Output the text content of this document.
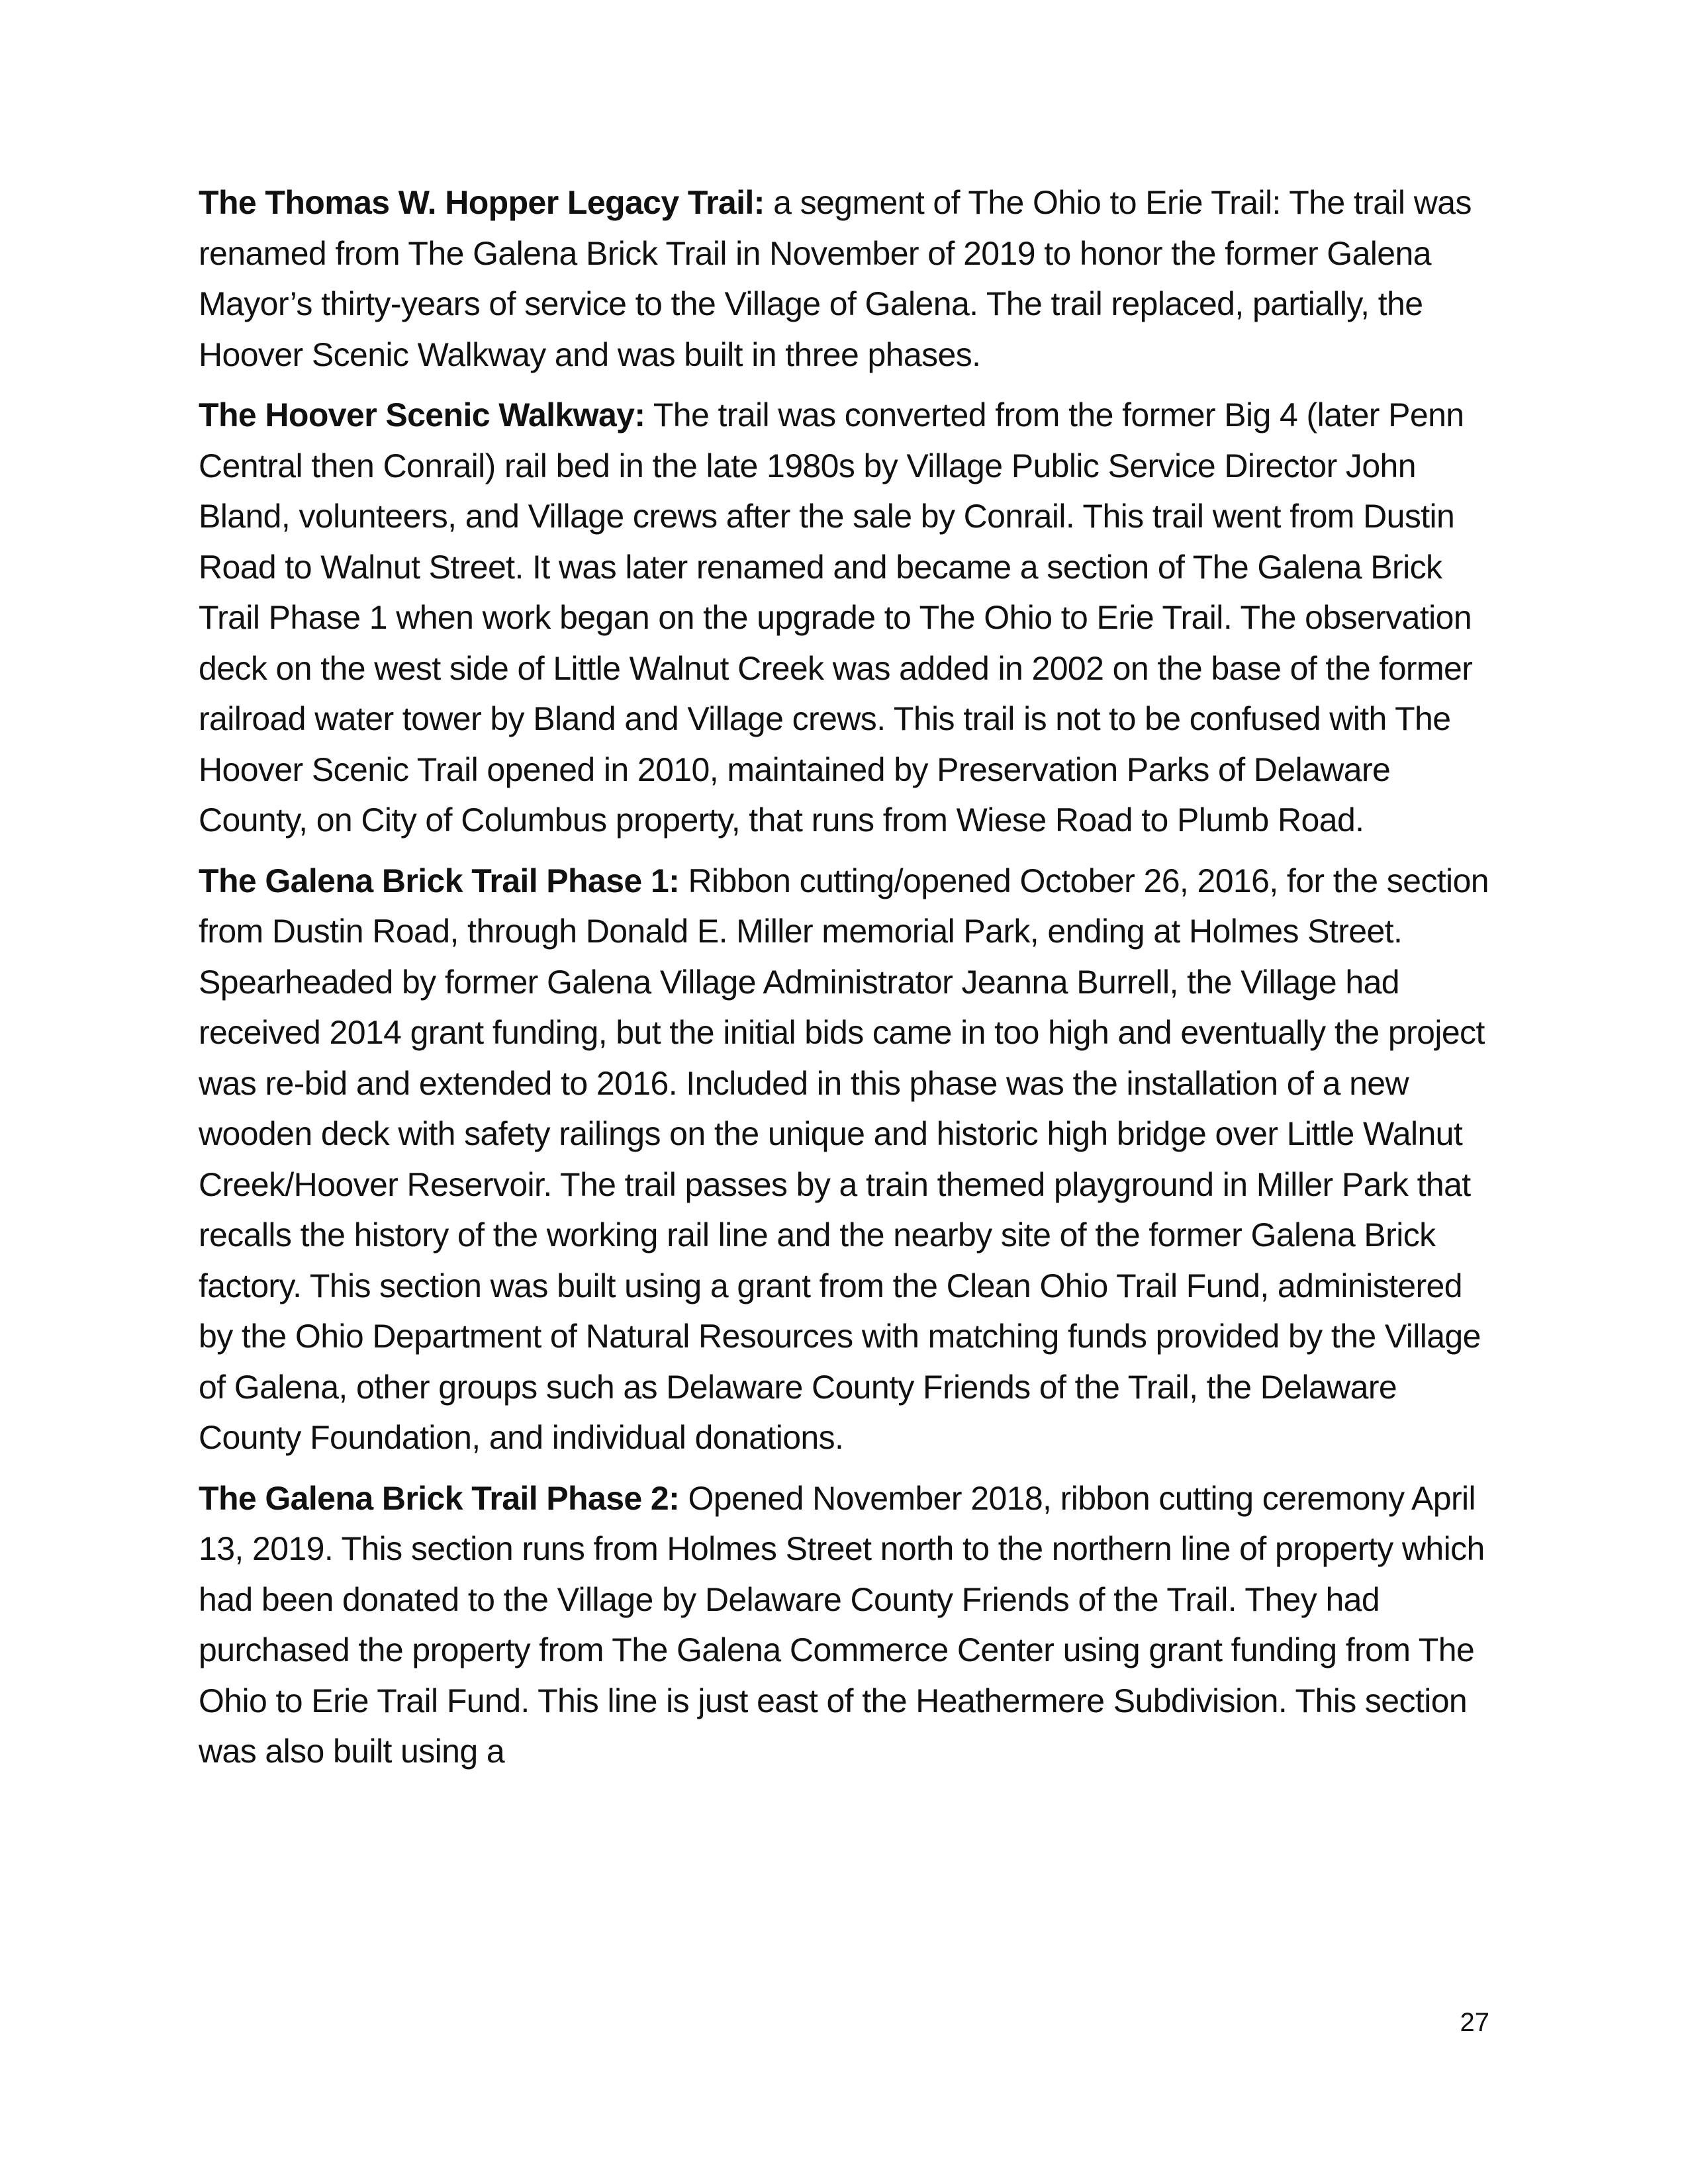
The Thomas W. Hopper Legacy Trail: a segment of The Ohio to Erie Trail: The trail was renamed from The Galena Brick Trail in November of 2019 to honor the former Galena Mayor’s thirty-years of service to the Village of Galena. The trail replaced, partially, the Hoover Scenic Walkway and was built in three phases.

The Hoover Scenic Walkway: The trail was converted from the former Big 4 (later Penn Central then Conrail) rail bed in the late 1980s by Village Public Service Director John Bland, volunteers, and Village crews after the sale by Conrail. This trail went from Dustin Road to Walnut Street. It was later renamed and became a section of The Galena Brick Trail Phase 1 when work began on the upgrade to The Ohio to Erie Trail. The observation deck on the west side of Little Walnut Creek was added in 2002 on the base of the former railroad water tower by Bland and Village crews. This trail is not to be confused with The Hoover Scenic Trail opened in 2010, maintained by Preservation Parks of Delaware County, on City of Columbus property, that runs from Wiese Road to Plumb Road.

The Galena Brick Trail Phase 1: Ribbon cutting/opened October 26, 2016, for the section from Dustin Road, through Donald E. Miller memorial Park, ending at Holmes Street. Spearheaded by former Galena Village Administrator Jeanna Burrell, the Village had received 2014 grant funding, but the initial bids came in too high and eventually the project was re-bid and extended to 2016. Included in this phase was the installation of a new wooden deck with safety railings on the unique and historic high bridge over Little Walnut Creek/Hoover Reservoir. The trail passes by a train themed playground in Miller Park that recalls the history of the working rail line and the nearby site of the former Galena Brick factory. This section was built using a grant from the Clean Ohio Trail Fund, administered by the Ohio Department of Natural Resources with matching funds provided by the Village of Galena, other groups such as Delaware County Friends of the Trail, the Delaware County Foundation, and individual donations.

The Galena Brick Trail Phase 2: Opened November 2018, ribbon cutting ceremony April 13, 2019. This section runs from Holmes Street north to the northern line of property which had been donated to the Village by Delaware County Friends of the Trail. They had purchased the property from The Galena Commerce Center using grant funding from The Ohio to Erie Trail Fund. This line is just east of the Heathermere Subdivision. This section was also built using a

27
